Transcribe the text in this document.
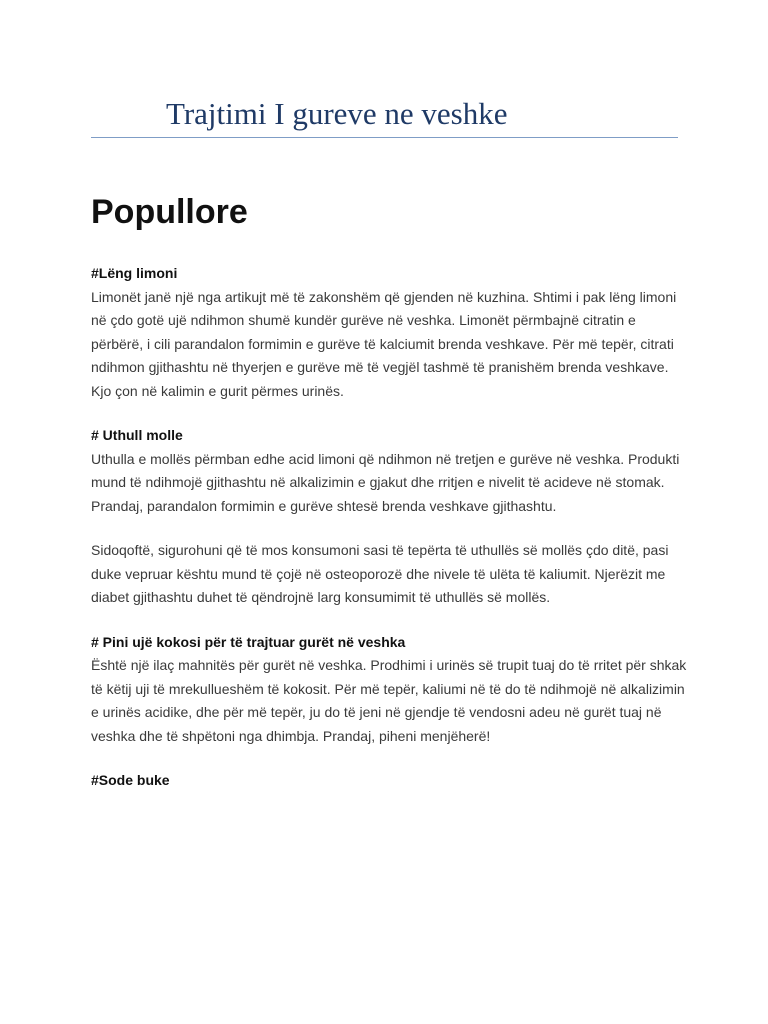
Trajtimi I gureve ne veshke
Popullore
#Lëng limoni

Limonët janë një nga artikujt më të zakonshëm që gjenden në kuzhina. Shtimi i pak lëng limoni në çdo gotë ujë ndihmon shumë kundër gurëve në veshka. Limonët përmbajnë citratin e përbërë, i cili parandalon formimin e gurëve të kalciumit brenda veshkave. Për më tepër, citrati ndihmon gjithashtu në thyerjen e gurëve më të vegjël tashmë të pranishëm brenda veshkave. Kjo çon në kalimin e gurit përmes urinës.

# Uthull molle

Uthulla e mollës përmban edhe acid limoni që ndihmon në tretjen e gurëve në veshka. Produkti mund të ndihmojë gjithashtu në alkalizimin e gjakut dhe rritjen e nivelit të acideve në stomak. Prandaj, parandalon formimin e gurëve shtesë brenda veshkave gjithashtu.

Sidoqoftë, sigurohuni që të mos konsumoni sasi të tepërta të uthullës së mollës çdo ditë, pasi duke vepruar kështu mund të çojë në osteoporozë dhe nivele të ulëta të kaliumit. Njerëzit me diabet gjithashtu duhet të qëndrojnë larg konsumimit të uthullës së mollës.

# Pini ujë kokosi për të trajtuar gurët në veshka

Është një ilaç mahnitës për gurët në veshka. Prodhimi i urinës së trupit tuaj do të rritet për shkak të këtij uji të mrekullueshëm të kokosit. Për më tepër, kaliumi në të do të ndihmojë në alkalizimin e urinës acidike, dhe për më tepër, ju do të jeni në gjendje të vendosni adeu në gurët tuaj në veshka dhe të shpëtoni nga dhimbja. Prandaj, piheni menjëherë!

#Sode buke
